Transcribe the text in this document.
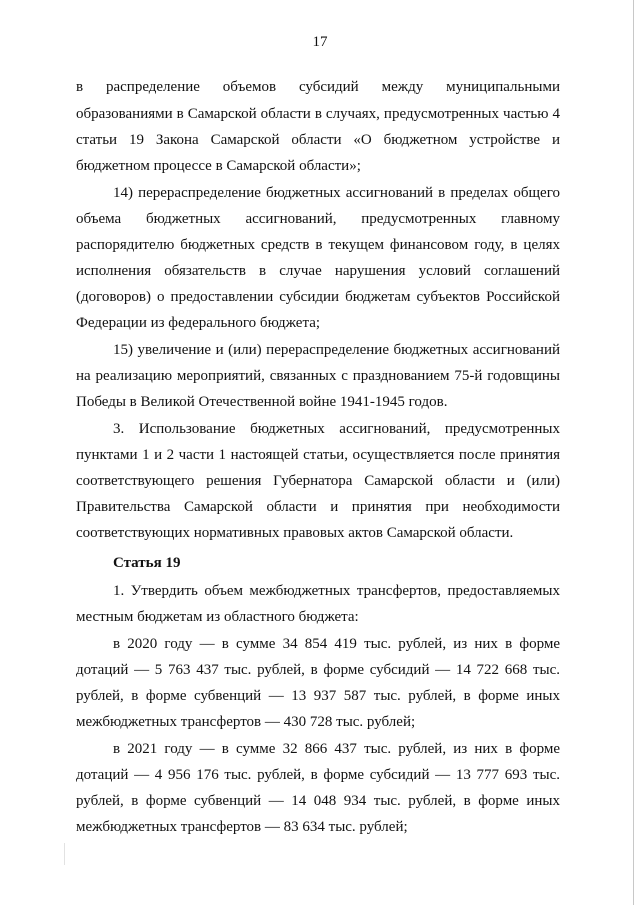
17

в распределение объемов субсидий между муниципальными

образованиями в Самарской области в случаях, предусмотренных частью 4 статьи 19 Закона Самарской области «О бюджетном устройстве и бюджетном процессе в Самарской области»;

14) перераспределение бюджетных ассигнований в пределах общего объема бюджетных ассигнований, предусмотренных главному распорядителю бюджетных средств в текущем финансовом году, в целях исполнения обязательств в случае нарушения условий соглашений (договоров) о предоставлении субсидии бюджетам субъектов Российской Федерации из федерального бюджета;

15) увеличение и (или) перераспределение бюджетных ассигнований на реализацию мероприятий, связанных с празднованием 75-й годовщины Победы в Великой Отечественной войне 1941-1945 годов.

3. Использование бюджетных ассигнований, предусмотренных пунктами 1 и 2 части 1 настоящей статьи, осуществляется после принятия соответствующего решения Губернатора Самарской области и (или) Правительства Самарской области и принятия при необходимости соответствующих нормативных правовых актов Самарской области.

Статья 19

1. Утвердить объем межбюджетных трансфертов, предоставляемых местным бюджетам из областного бюджета:

в 2020 году — в сумме 34 854 419 тыс. рублей, из них в форме дотаций — 5 763 437 тыс. рублей, в форме субсидий — 14 722 668 тыс. рублей, в форме субвенций — 13 937 587 тыс. рублей, в форме иных межбюджетных трансфертов — 430 728 тыс. рублей;

в 2021 году — в сумме 32 866 437 тыс. рублей, из них в форме дотаций — 4 956 176 тыс. рублей, в форме субсидий — 13 777 693 тыс. рублей, в форме субвенций — 14 048 934 тыс. рублей, в форме иных межбюджетных трансфертов — 83 634 тыс. рублей;
